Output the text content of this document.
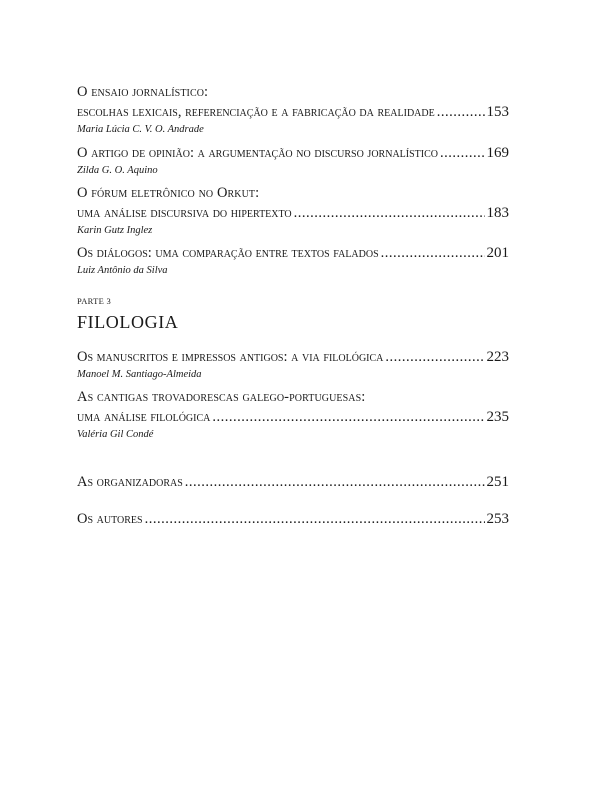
O ensaio jornalístico:
escolhas lexicais, referenciação e a fabricação da realidade .....	153
Maria Lúcia C. V. O. Andrade
O artigo de opinião: a argumentação no discurso jornalístico .....	169
Zilda G. O. Aquino
O fórum eletrônico no Orkut:
uma análise discursiva do hipertexto .....	183
Karin Gutz Inglez
Os diálogos: uma comparação entre textos falados .....	201
Luiz Antônio da Silva
PARTE 3
FILOLOGIA
Os manuscritos e impressos antigos: a via filológica .....	223
Manoel M. Santiago-Almeida
As cantigas trovadorescas galego-portuguesas:
uma análise filológica .....	235
Valéria Gil Condé
As organizadoras .....	251
Os autores .....	253
